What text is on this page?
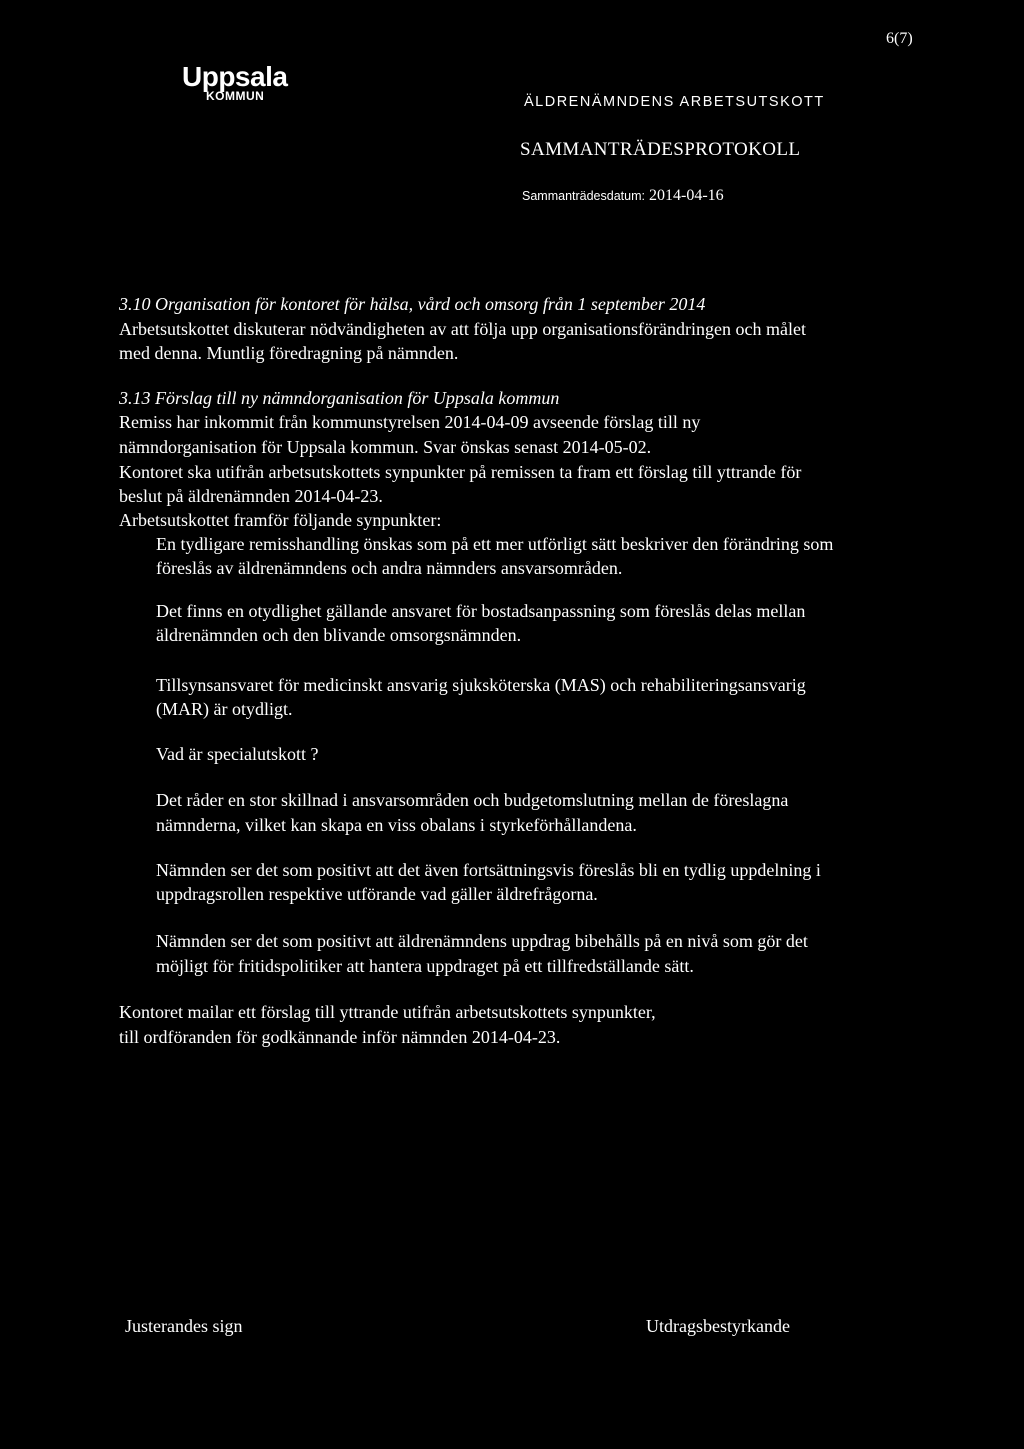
6(7)
Uppsala
KOMMUN	ÄLDRENÄMNDENS ARBETSUTSKOTT
SAMMANTRÄDESPROTOKOLL
Sammanträdesdatum: 2014-04-16
3.10 Organisation för kontoret för hälsa, vård och omsorg från 1 september 2014
Arbetsutskottet diskuterar nödvändigheten av att följa upp organisationsförändringen och målet
med denna. Muntlig föredragning på nämnden.
3.13 Förslag till ny nämndorganisation för Uppsala kommun
Remiss har inkommit från kommunstyrelsen 2014-04-09 avseende förslag till ny
nämndorganisation för Uppsala kommun. Svar önskas senast 2014-05-02.
Kontoret ska utifrån arbetsutskottets synpunkter på remissen ta fram ett förslag till yttrande för
beslut på äldrenämnden 2014-04-23.
Arbetsutskottet framför följande synpunkter:
En tydligare remisshandling önskas som på ett mer utförligt sätt beskriver den förändring som
föreslås av äldrenämndens och andra nämnders ansvarsområden.
Det finns en otydlighet gällande ansvaret för bostadsanpassning som föreslås delas mellan
äldrenämnden och den blivande omsorgsnämnden.
Tillsynsansvaret för medicinskt ansvarig sjuksköterska (MAS) och rehabiliteringsansvarig
(MAR) är otydligt.
Vad är specialutskott ?
Det råder en stor skillnad i ansvarsområden och budgetomslutning mellan de föreslagna
nämnderna, vilket kan skapa en viss obalans i styrkeförhållandena.
Nämnden ser det som positivt att det även fortsättningsvis föreslås bli en tydlig uppdelning i
uppdragsrollen respektive utförande vad gäller äldrefrågorna.
Nämnden ser det som positivt att äldrenämndens uppdrag bibehålls på en nivå som gör det
möjligt för fritidspolitiker att hantera uppdraget på ett tillfredställande sätt.
Kontoret mailar ett förslag till yttrande utifrån arbetsutskottets synpunkter,
till ordföranden för godkännande inför nämnden 2014-04-23.
Justerandes sign	Utdragsbestyrkande
